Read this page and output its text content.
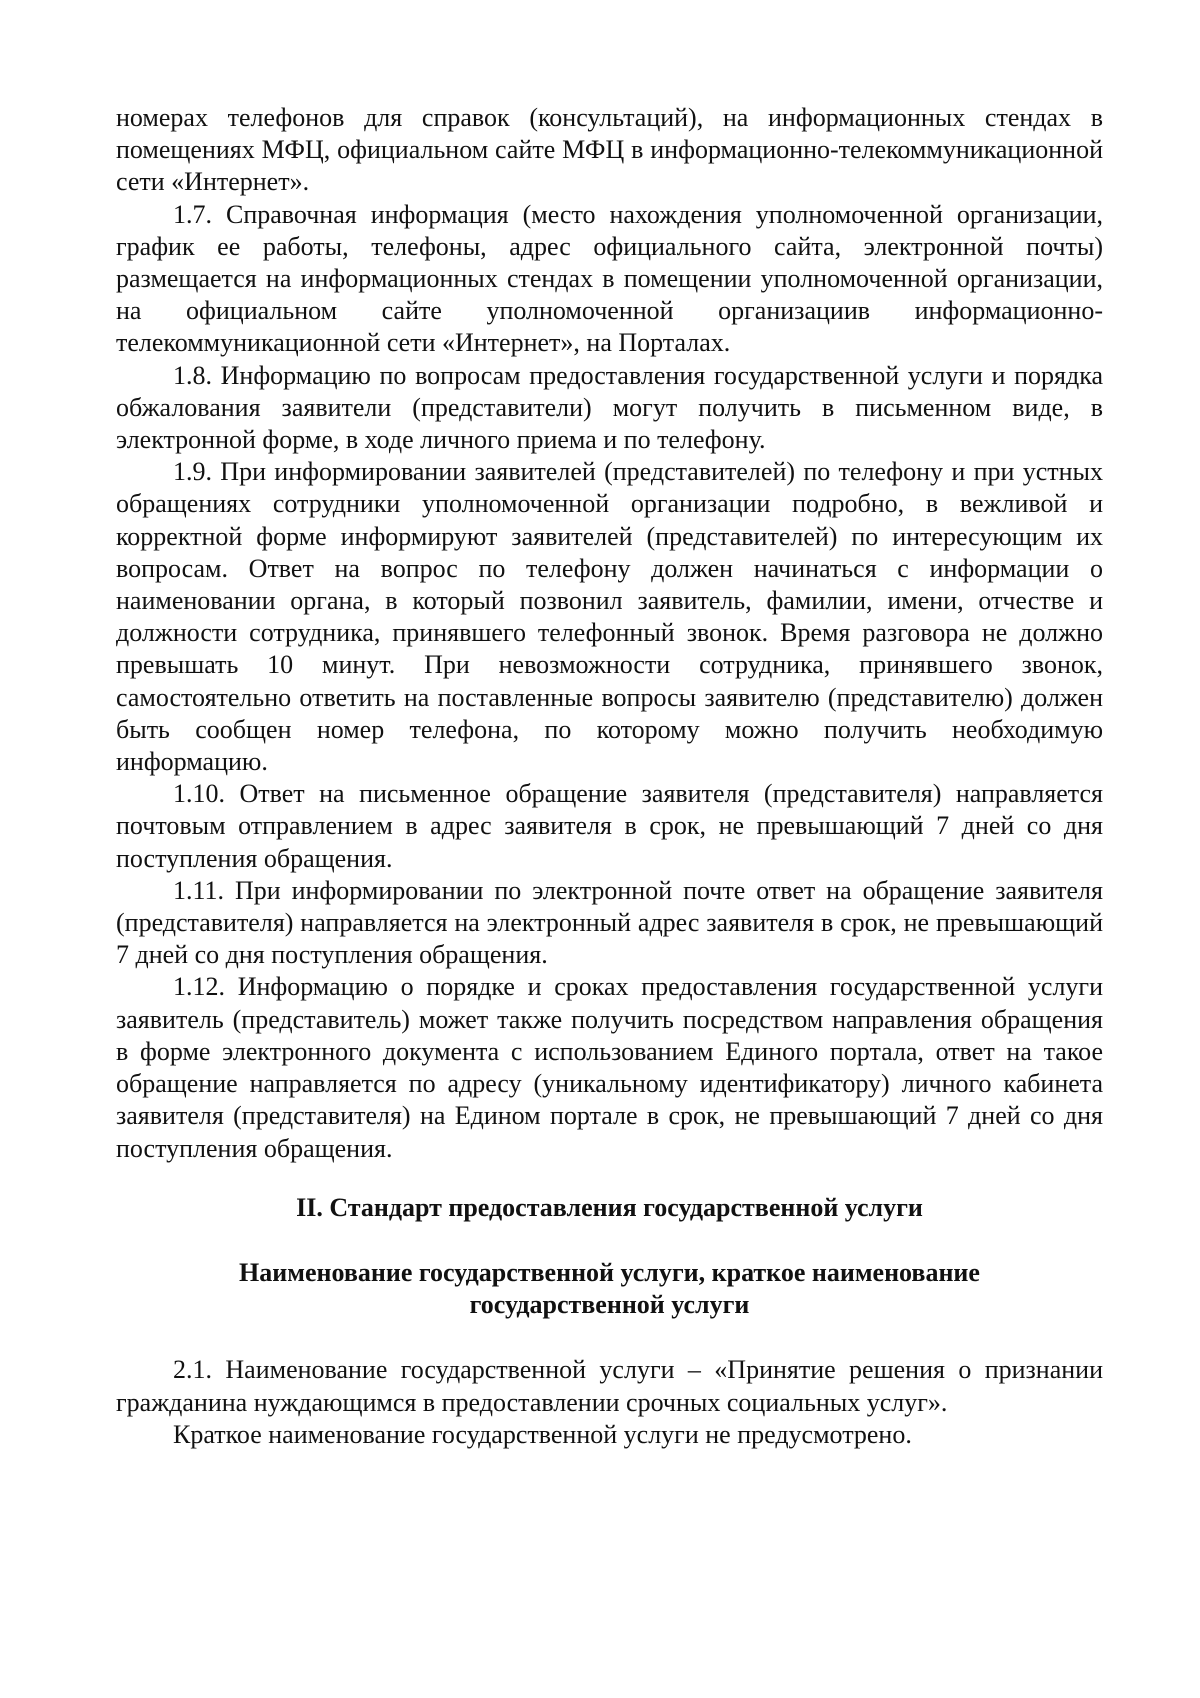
номерах телефонов для справок (консультаций), на информационных стендах в помещениях МФЦ, официальном сайте МФЦ в информационно-телекоммуникационной сети «Интернет».

1.7. Справочная информация (место нахождения уполномоченной организации, график ее работы, телефоны, адрес официального сайта, электронной почты) размещается на информационных стендах в помещении уполномоченной организации, на официальном сайте уполномоченной организациив информационно-телекоммуникационной сети «Интернет», на Порталах.

1.8. Информацию по вопросам предоставления государственной услуги и порядка обжалования заявители (представители) могут получить в письменном виде, в электронной форме, в ходе личного приема и по телефону.

1.9. При информировании заявителей (представителей) по телефону и при устных обращениях сотрудники уполномоченной организации подробно, в вежливой и корректной форме информируют заявителей (представителей) по интересующим их вопросам. Ответ на вопрос по телефону должен начинаться с информации о наименовании органа, в который позвонил заявитель, фамилии, имени, отчестве и должности сотрудника, принявшего телефонный звонок. Время разговора не должно превышать 10 минут. При невозможности сотрудника, принявшего звонок, самостоятельно ответить на поставленные вопросы заявителю (представителю) должен быть сообщен номер телефона, по которому можно получить необходимую информацию.

1.10. Ответ на письменное обращение заявителя (представителя) направляется почтовым отправлением в адрес заявителя в срок, не превышающий 7 дней со дня поступления обращения.

1.11. При информировании по электронной почте ответ на обращение заявителя (представителя) направляется на электронный адрес заявителя в срок, не превышающий 7 дней со дня поступления обращения.

1.12. Информацию о порядке и сроках предоставления государственной услуги заявитель (представитель) может также получить посредством направления обращения в форме электронного документа с использованием Единого портала, ответ на такое обращение направляется по адресу (уникальному идентификатору) личного кабинета заявителя (представителя) на Едином портале в срок, не превышающий 7 дней со дня поступления обращения.

II. Стандарт предоставления государственной услуги
Наименование государственной услуги, краткое наименование государственной услуги

2.1. Наименование государственной услуги – «Принятие решения о признании гражданина нуждающимся в предоставлении срочных социальных услуг».

Краткое наименование государственной услуги не предусмотрено.
